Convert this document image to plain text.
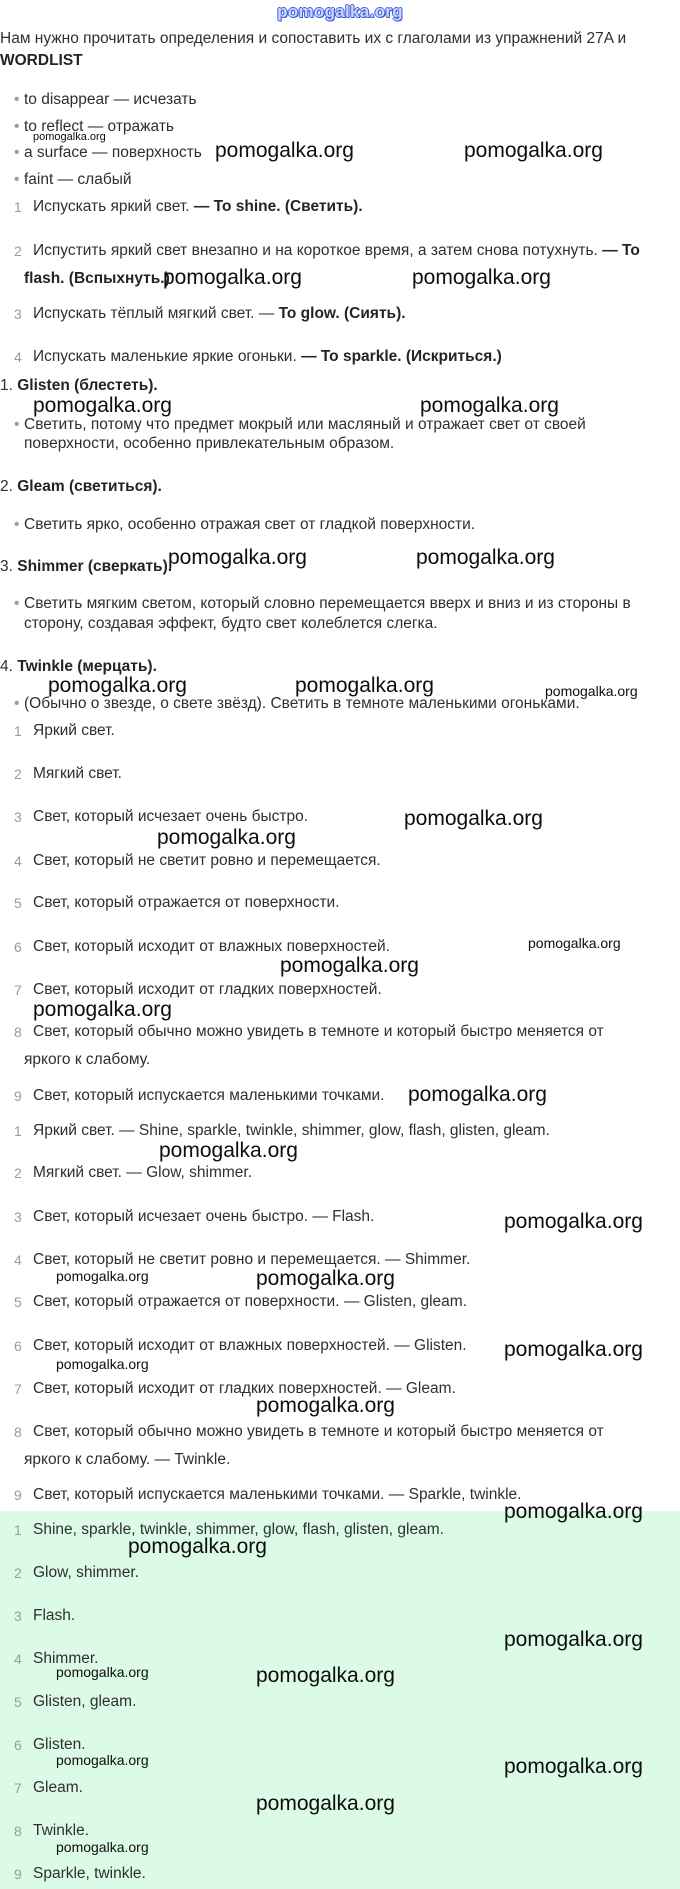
pomogalka.org
Нам нужно прочитать определения и сопоставить их с глаголами из упражнений 27A и
WORDLIST
• to disappear — исчезать
• to reflect — отражать
• a surface — поверхность
• faint — слабый
1 Испускать яркий свет. — To shine. (Светить).
2 Испустить яркий свет внезапно и на короткое время, а затем снова потухнуть. — To flash. (Вспыхнуть.)
3 Испускать тёплый мягкий свет. — To glow. (Сиять).
4 Испускать маленькие яркие огоньки. — To sparkle. (Искриться.)
1. Glisten (блестеть).
• Светить, потому что предмет мокрый или масляный и отражает свет от своей поверхности, особенно привлекательным образом.
2. Gleam (светиться).
• Светить ярко, особенно отражая свет от гладкой поверхности.
3. Shimmer (сверкать).
• Светить мягким светом, который словно перемещается вверх и вниз и из стороны в сторону, создавая эффект, будто свет колеблется слегка.
4. Twinkle (мерцать).
• (Обычно о звезде, о свете звёзд). Светить в темноте маленькими огоньками.
1 Яркий свет.
2 Мягкий свет.
3 Свет, который исчезает очень быстро.
4 Свет, который не светит ровно и перемещается.
5 Свет, который отражается от поверхности.
6 Свет, который исходит от влажных поверхностей.
7 Свет, который исходит от гладких поверхностей.
8 Свет, который обычно можно увидеть в темноте и который быстро меняется от яркого к слабому.
9 Свет, который испускается маленькими точками.
1 Яркий свет. — Shine, sparkle, twinkle, shimmer, glow, flash, glisten, gleam.
2 Мягкий свет. — Glow, shimmer.
3 Свет, который исчезает очень быстро. — Flash.
4 Свет, который не светит ровно и перемещается. — Shimmer.
5 Свет, который отражается от поверхности. — Glisten, gleam.
6 Свет, который исходит от влажных поверхностей. — Glisten.
7 Свет, который исходит от гладких поверхностей. — Gleam.
8 Свет, который обычно можно увидеть в темноте и который быстро меняется от яркого к слабому. — Twinkle.
9 Свет, который испускается маленькими точками. — Sparkle, twinkle.
1 Shine, sparkle, twinkle, shimmer, glow, flash, glisten, gleam.
2 Glow, shimmer.
3 Flash.
4 Shimmer.
5 Glisten, gleam.
6 Glisten.
7 Gleam.
8 Twinkle.
9 Sparkle, twinkle.
pomogalka.org	pomogalka.org
pomogalka.org	pomogalka.org
pomogalka.org	pomogalka.org
pomogalka.org	pomogalka.org
pomogalka.org	pomogalka.org
pomogalka.org
pomogalka.org
pomogalka.org
pomogalka.org
pomogalka.org
pomogalka.org
pomogalka.org
pomogalka.org
pomogalka.org
pomogalka.org
pomogalka.org
pomogalka.org
pomogalka.org
pomogalka.org
pomogalka.org
pomogalka.org
pomogalka.org
pomogalka.org
pomogalka.org
pomogalka.org
pomogalka.org
pomogalka.org
pomogalka.org
pomogalka.org
